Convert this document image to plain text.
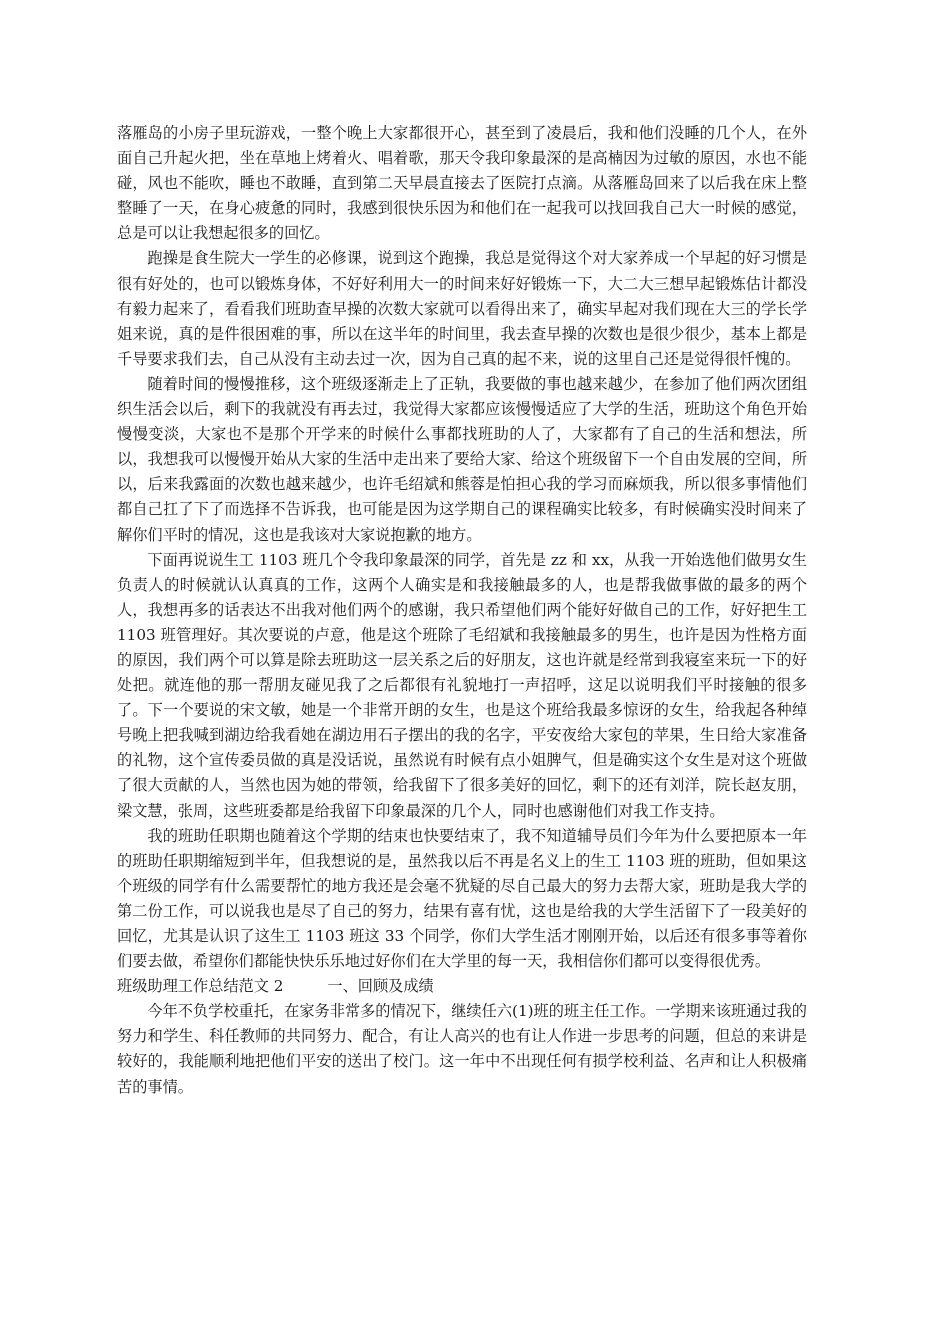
落雁岛的小房子里玩游戏，一整个晚上大家都很开心，甚至到了凌晨后，我和他们没睡的几个人，在外面自己升起火把，坐在草地上烤着火、唱着歌，那天令我印象最深的是高楠因为过敏的原因，水也不能碰，风也不能吹，睡也不敢睡，直到第二天早晨直接去了医院打点滴。从落雁岛回来了以后我在床上整整睡了一天，在身心疲惫的同时，我感到很快乐因为和他们在一起我可以找回我自己大一时候的感觉，总是可以让我想起很多的回忆。

跑操是食生院大一学生的必修课，说到这个跑操，我总是觉得这个对大家养成一个早起的好习惯是很有好处的，也可以锻炼身体，不好好利用大一的时间来好好锻炼一下，大二大三想早起锻炼估计都没有毅力起来了，看看我们班助查早操的次数大家就可以看得出来了，确实早起对我们现在大三的学长学姐来说，真的是件很困难的事，所以在这半年的时间里，我去查早操的次数也是很少很少，基本上都是千导要求我们去，自己从没有主动去过一次，因为自己真的起不来，说的这里自己还是觉得很忏愧的。

随着时间的慢慢推移，这个班级逐渐走上了正轨，我要做的事也越来越少，在参加了他们两次团组织生活会以后，剩下的我就没有再去过，我觉得大家都应该慢慢适应了大学的生活，班助这个角色开始慢慢变淡，大家也不是那个开学来的时候什么事都找班助的人了，大家都有了自己的生活和想法，所以，我想我可以慢慢开始从大家的生活中走出来了要给大家、给这个班级留下一个自由发展的空间，所以，后来我露面的次数也越来越少，也许毛绍斌和熊蓉是怕担心我的学习而麻烦我，所以很多事情他们都自己扛了下了而选择不告诉我，也可能是因为这学期自己的课程确实比较多，有时候确实没时间来了解你们平时的情况，这也是我该对大家说抱歉的地方。

下面再说说生工 1103 班几个令我印象最深的同学，首先是 zz 和 xx，从我一开始选他们做男女生负责人的时候就认认真真的工作，这两个人确实是和我接触最多的人，也是帮我做事做的最多的两个人，我想再多的话表达不出我对他们两个的感谢，我只希望他们两个能好好做自己的工作，好好把生工 1103 班管理好。其次要说的卢意，他是这个班除了毛绍斌和我接触最多的男生，也许是因为性格方面的原因，我们两个可以算是除去班助这一层关系之后的好朋友，这也许就是经常到我寝室来玩一下的好处把。就连他的那一帮朋友碰见我了之后都很有礼貌地打一声招呼，这足以说明我们平时接触的很多了。下一个要说的宋文敏，她是一个非常开朗的女生，也是这个班给我最多惊讶的女生，给我起各种绰号晚上把我喊到湖边给我看她在湖边用石子摆出的我的名字，平安夜给大家包的苹果，生日给大家准备的礼物，这个宣传委员做的真是没话说，虽然说有时候有点小姐脾气，但是确实这个女生是对这个班做了很大贡献的人，当然也因为她的带领，给我留下了很多美好的回忆，剩下的还有刘洋，院长赵友朋，梁文慧，张周，这些班委都是给我留下印象最深的几个人，同时也感谢他们对我工作支持。

我的班助任职期也随着这个学期的结束也快要结束了，我不知道辅导员们今年为什么要把原本一年的班助任职期缩短到半年，但我想说的是，虽然我以后不再是名义上的生工 1103 班的班助，但如果这个班级的同学有什么需要帮忙的地方我还是会毫不犹疑的尽自己最大的努力去帮大家，班助是我大学的第二份工作，可以说我也是尽了自己的努力，结果有喜有忧，这也是给我的大学生活留下了一段美好的回忆，尤其是认识了这生工 1103 班这 33 个同学，你们大学生活才刚刚开始，以后还有很多事等着你们要去做，希望你们都能快快乐乐地过好你们在大学里的每一天，我相信你们都可以变得很优秀。

班级助理工作总结范文 2	一、回顾及成绩

今年不负学校重托，在家务非常多的情况下，继续任六(1)班的班主任工作。一学期来该班通过我的努力和学生、科任教师的共同努力、配合，有让人高兴的也有让人作进一步思考的问题，但总的来讲是较好的，我能顺利地把他们平安的送出了校门。这一年中不出现任何有损学校利益、名声和让人积极痛苦的事情。
